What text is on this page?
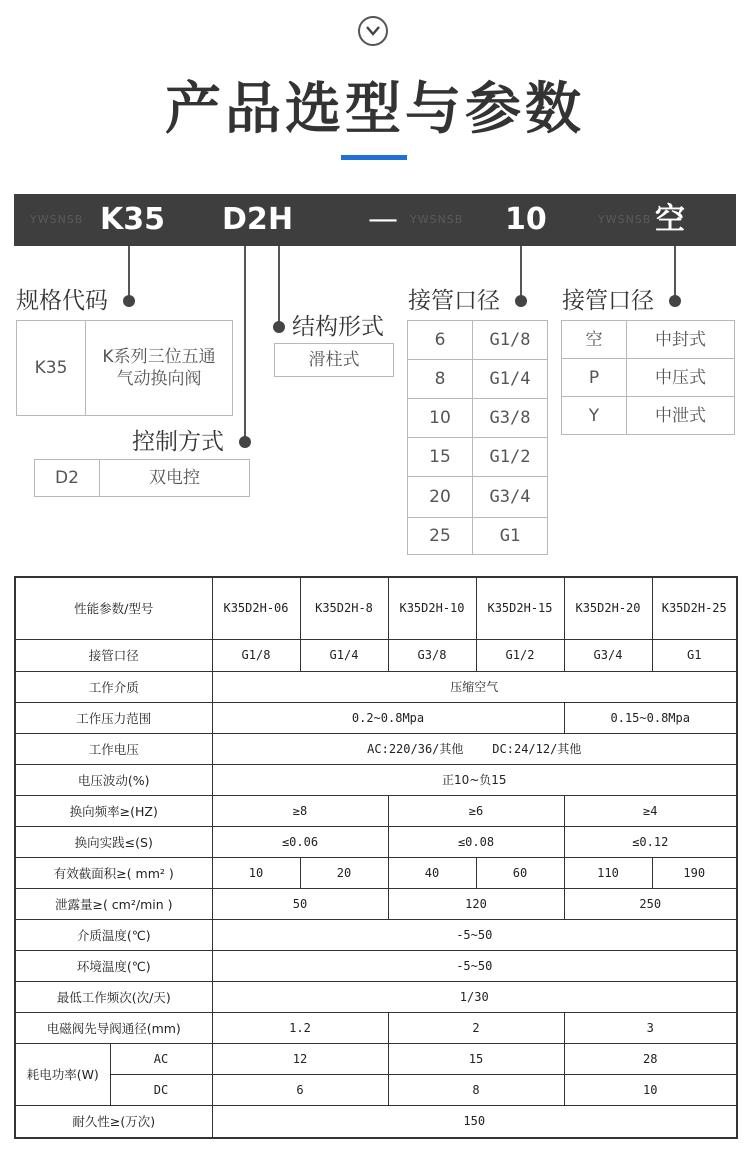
产品选型与参数
YWSNSB	YWSNSB	YWSNSB
K35 D2 H —	10	空
规格代码
K35
K系列三位五通
气动换向阀
控制方式
D2	双电控
结构形式
滑柱式
接管口径
6	G1/8
8	G1/4
10	G3/8
15	G1/2
20	G3/4
25	G1
接管口径
空	中封式
P	中压式
Y	中泄式
性能参数/型号		K35D2H-06	K35D2H-8	K35D2H-10	K35D2H-15	K35D2H-20	K35D2H-25
接管口径		G1/8	G1/4	G3/8	G1/2	G3/4	G1
工作介质		压缩空气					
工作压力范围		0.2~0.8Mpa				0.15~0.8Mpa	
工作电压		AC:220/36/其他    DC:24/12/其他					
电压波动(%)		正10~负15					
换向频率≥(HZ)		≥8		≥6		≥4	
换向实践≤(S)		≤0.06		≤0.08		≤0.12	
有效截面积≥( mm² )		10	20	40	60	110	190
泄露量≥( cm²/min )		50		120		250	
介质温度(℃)		-5~50					
环境温度(℃)		-5~50					
最低工作频次(次/天)		1/30					
电磁阀先导阀通径(mm)		1.2		2		3	
耗电功率(W)	AC	12		15		28	
	DC	6		8		10	
耐久性≥(万次)		150					
